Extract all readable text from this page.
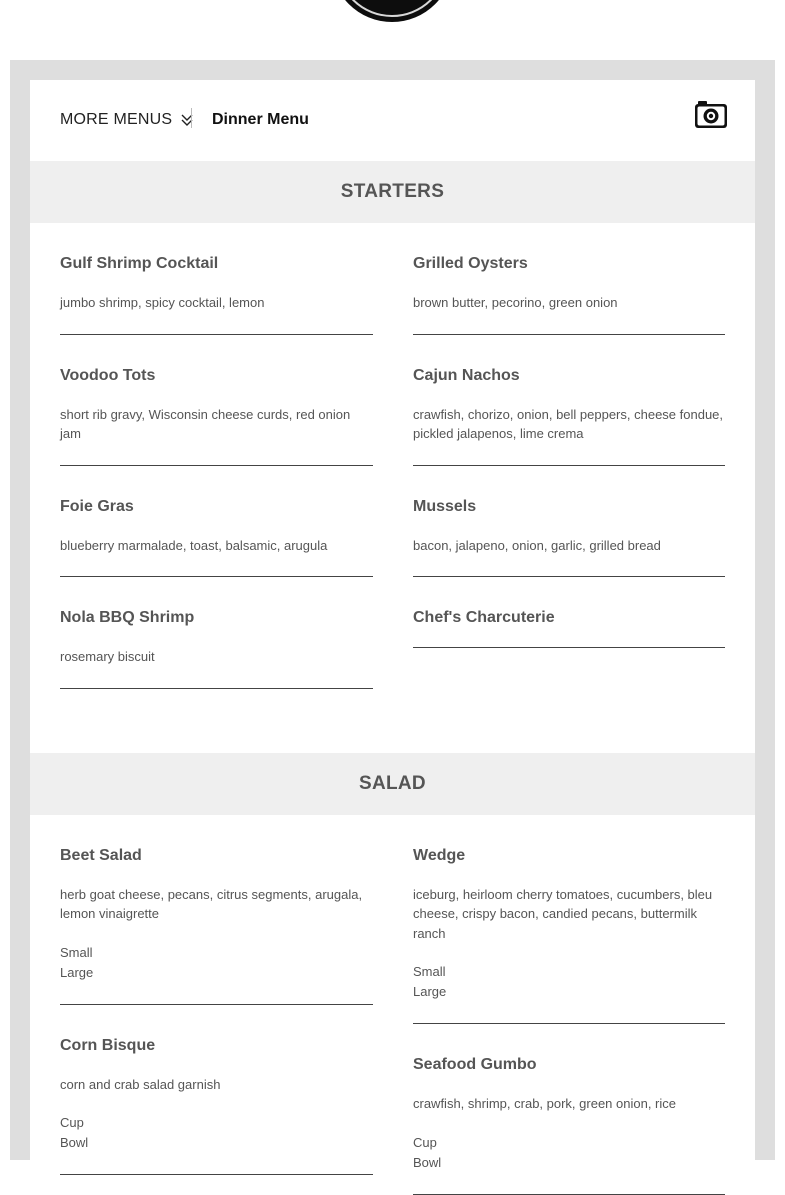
MORE MENUS Dinner Menu
STARTERS
Gulf Shrimp Cocktail
jumbo shrimp, spicy cocktail, lemon
Voodoo Tots
short rib gravy, Wisconsin cheese curds, red onion jam
Foie Gras
blueberry marmalade, toast, balsamic, arugula
Nola BBQ Shrimp
rosemary biscuit
Grilled Oysters
brown butter, pecorino, green onion
Cajun Nachos
crawfish, chorizo, onion, bell peppers, cheese fondue, pickled jalapenos, lime crema
Mussels
bacon, jalapeno, onion, garlic, grilled bread
Chef's Charcuterie
SALAD
Beet Salad
herb goat cheese, pecans, citrus segments, arugala, lemon vinaigrette
Small
Large
Corn Bisque
corn and crab salad garnish
Cup
Bowl
Wedge
iceburg, heirloom cherry tomatoes, cucumbers, bleu cheese, crispy bacon, candied pecans, buttermilk ranch
Small
Large
Seafood Gumbo
crawfish, shrimp, crab, pork, green onion, rice
Cup
Bowl
